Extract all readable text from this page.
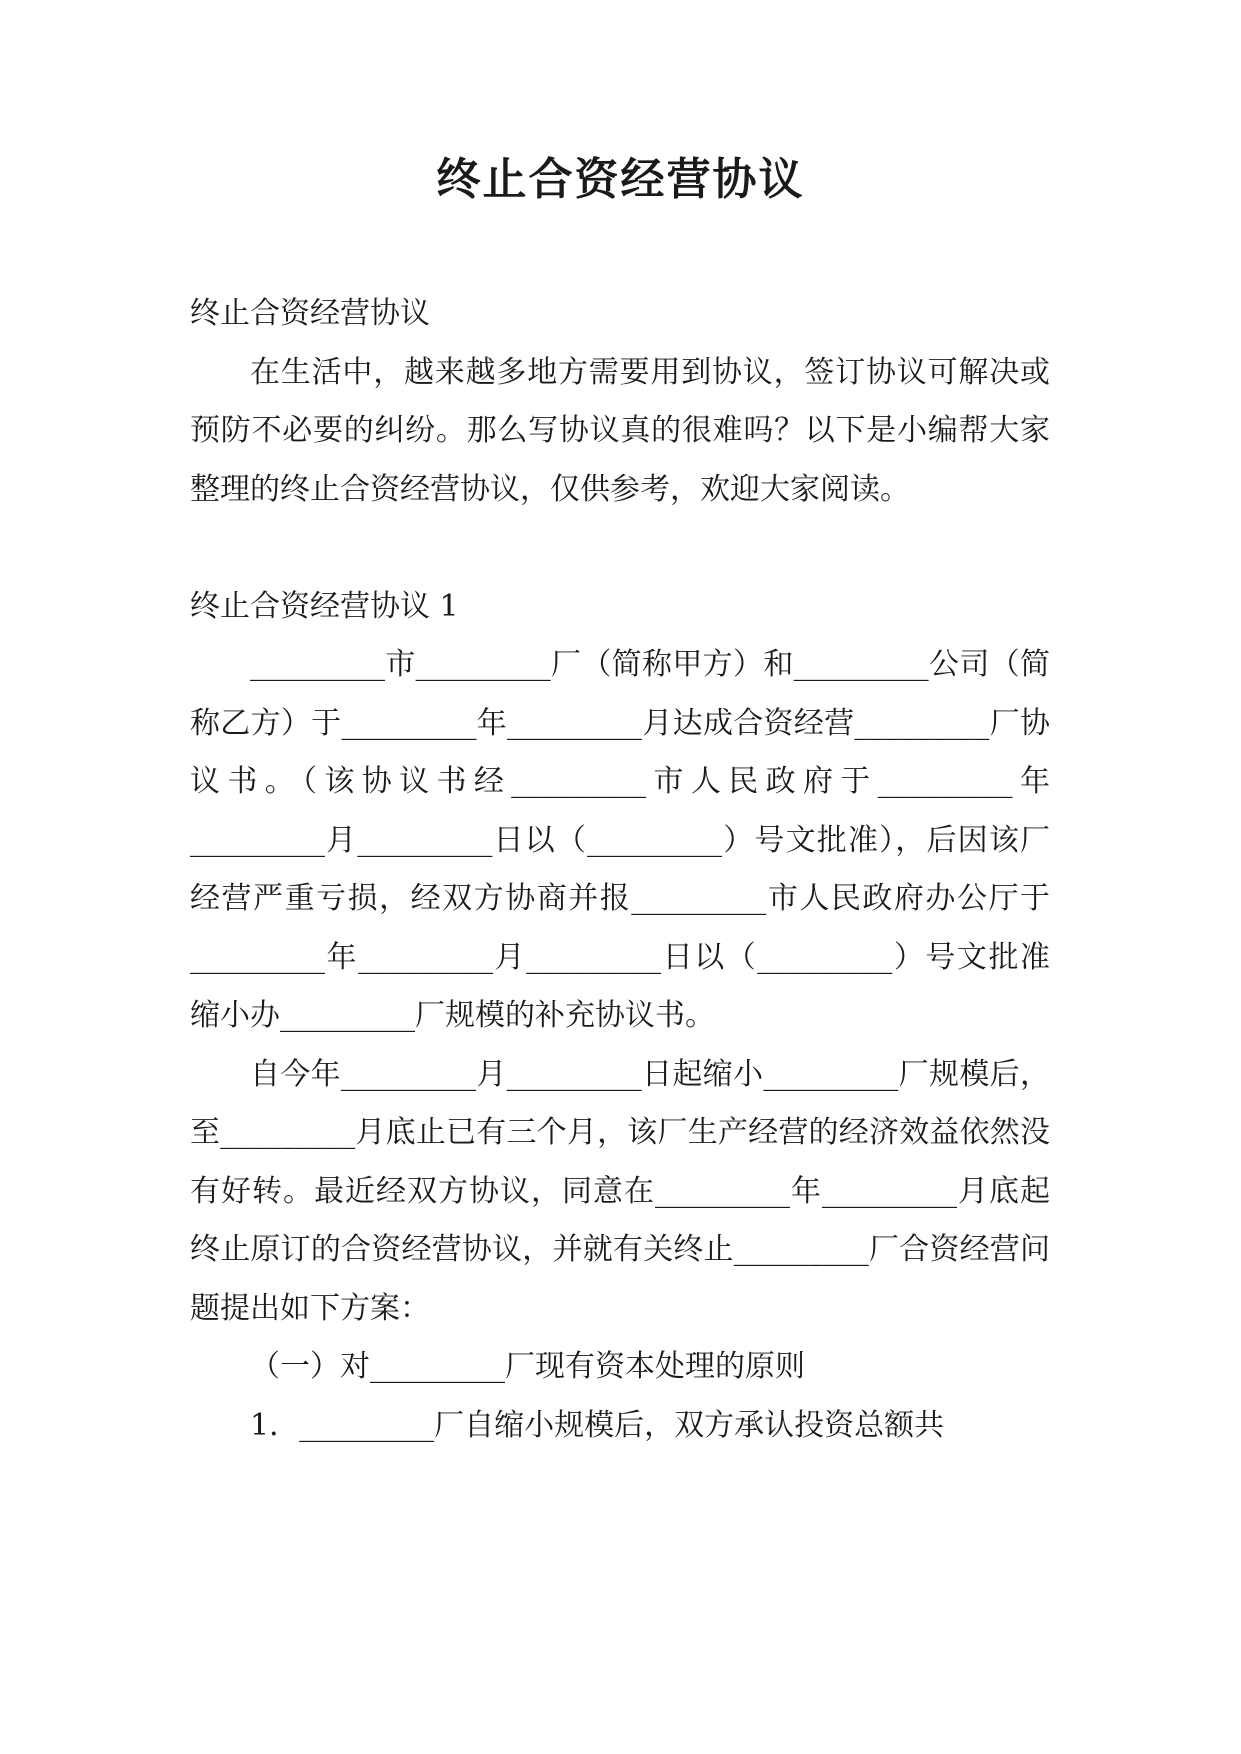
终止合资经营协议

终止合资经营协议

在生活中，越来越多地方需要用到协议，签订协议可解决或预防不必要的纠纷。那么写协议真的很难吗？以下是小编帮大家整理的终止合资经营协议，仅供参考，欢迎大家阅读。

终止合资经营协议 1

_________市_________厂（简称甲方）和_________公司（简称乙方）于_________年_________月达成合资经营_________厂协议书。（该协议书经_________市人民政府于_________年_________月_________日以（_________）号文批准），后因该厂经营严重亏损，经双方协商并报_________市人民政府办公厅于_________年_________月_________日以（_________）号文批准缩小办_________厂规模的补充协议书。

自今年_________月_________日起缩小_________厂规模后，至_________月底止已有三个月，该厂生产经营的经济效益依然没有好转。最近经双方协议，同意在_________年_________月底起终止原订的合资经营协议，并就有关终止_________厂合资经营问题提出如下方案：

（一）对_________厂现有资本处理的原则

1．_________厂自缩小规模后，双方承认投资总额共
